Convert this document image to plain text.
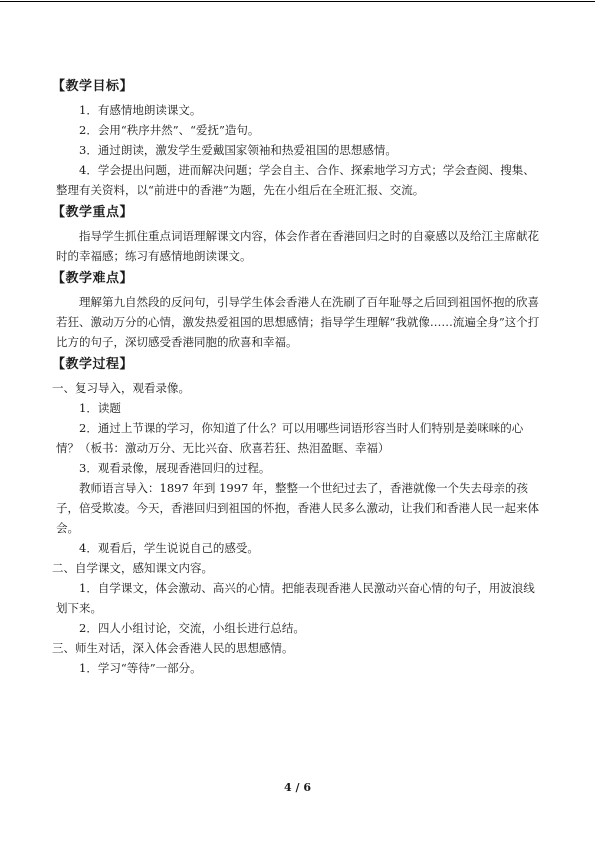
【教学目标】

1．有感情地朗读课文。

2．会用“秩序井然”、“爱抚”造句。

3．通过朗读，激发学生爱戴国家领袖和热爱祖国的思想感情。

4．学会提出问题，进而解决问题；学会自主、合作、探索地学习方式；学会查阅、搜集、整理有关资料，以“前进中的香港”为题，先在小组后在全班汇报、交流。

【教学重点】

指导学生抓住重点词语理解课文内容，体会作者在香港回归之时的自豪感以及给江主席献花时的幸福感；练习有感情地朗读课文。

【教学难点】

理解第九自然段的反问句，引导学生体会香港人在洗刷了百年耻辱之后回到祖国怀抱的欣喜若狂、激动万分的心情，激发热爱祖国的思想感情；指导学生理解“我就像……流遍全身”这个打比方的句子，深切感受香港同胞的欣喜和幸福。

【教学过程】

一、复习导入，观看录像。

1．读题

2．通过上节课的学习，你知道了什么？可以用哪些词语形容当时人们特别是姜咪咪的心情？（板书：激动万分、无比兴奋、欣喜若狂、热泪盈眶、幸福）

3．观看录像，展现香港回归的过程。

教师语言导入：1897 年到 1997 年，整整一个世纪过去了，香港就像一个失去母亲的孩子，倍受欺凌。今天，香港回归到祖国的怀抱，香港人民多么激动，让我们和香港人民一起来体会。

4．观看后，学生说说自己的感受。

二、自学课文，感知课文内容。

1．自学课文，体会激动、高兴的心情。把能表现香港人民激动兴奋心情的句子，用波浪线划下来。

2．四人小组讨论，交流，小组长进行总结。

三、师生对话，深入体会香港人民的思想感情。

1．学习“等待”一部分。

4 / 6
